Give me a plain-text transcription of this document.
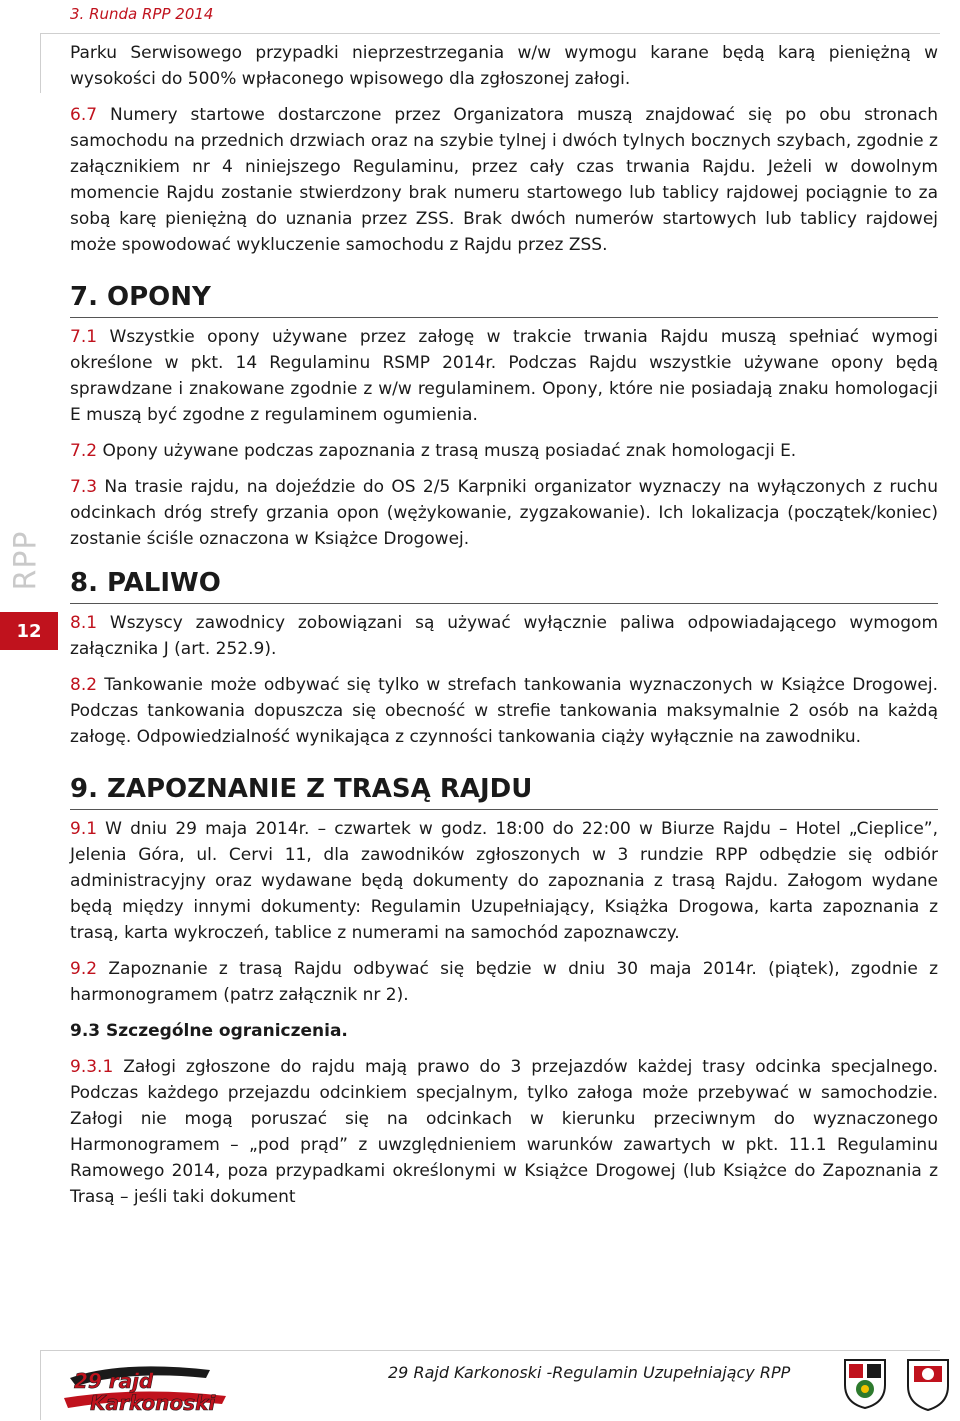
3. Runda RPP 2014
RPP
12

Parku Serwisowego przypadki nieprzestrzegania w/w wymogu karane będą karą pieniężną w wysokości do 500% wpłaconego wpisowego dla zgłoszonej załogi.

6.7 Numery startowe dostarczone przez Organizatora muszą znajdować się po obu stronach samochodu na przednich drzwiach oraz na szybie tylnej i dwóch tylnych bocznych szybach, zgodnie z załącznikiem nr 4 niniejszego Regulaminu, przez cały czas trwania Rajdu. Jeżeli w dowolnym momencie Rajdu zostanie stwierdzony brak numeru startowego lub tablicy rajdowej pociągnie to za sobą karę pieniężną do uznania przez ZSS. Brak dwóch numerów startowych lub tablicy rajdowej może spowodować wykluczenie samochodu z Rajdu przez ZSS.

7. OPONY

7.1 Wszystkie opony używane przez załogę w trakcie trwania Rajdu muszą spełniać wymogi określone w pkt. 14 Regulaminu RSMP 2014r. Podczas Rajdu wszystkie używane opony będą sprawdzane i znakowane zgodnie z w/w regulaminem. Opony, które nie posiadają znaku homologacji E muszą być zgodne z regulaminem ogumienia.

7.2 Opony używane podczas zapoznania z trasą muszą posiadać znak homologacji E.

7.3 Na trasie rajdu, na dojeździe do OS 2/5 Karpniki organizator wyznaczy na wyłączonych z ruchu odcinkach dróg strefy grzania opon (wężykowanie, zygzakowanie). Ich lokalizacja (początek/koniec) zostanie ściśle oznaczona w Książce Drogowej.

8. PALIWO

8.1 Wszyscy zawodnicy zobowiązani są używać wyłącznie paliwa odpowiadającego wymogom załącznika J (art. 252.9).

8.2 Tankowanie może odbywać się tylko w strefach tankowania wyznaczonych w Książce Drogowej. Podczas tankowania dopuszcza się obecność w strefie tankowania maksymalnie 2 osób na każdą załogę. Odpowiedzialność wynikająca z czynności tankowania ciąży wyłącznie na zawodniku.

9. ZAPOZNANIE Z TRASĄ RAJDU

9.1 W dniu 29 maja 2014r. – czwartek w godz. 18:00 do 22:00 w Biurze Rajdu – Hotel „Cieplice”, Jelenia Góra, ul. Cervi 11, dla zawodników zgłoszonych w 3 rundzie RPP odbędzie się odbiór administracyjny oraz wydawane będą dokumenty do zapoznania z trasą Rajdu. Załogom wydane będą między innymi dokumenty: Regulamin Uzupełniający, Książka Drogowa, karta zapoznania z trasą, karta wykroczeń, tablice z numerami na samochód zapoznawczy.

9.2 Zapoznanie z trasą Rajdu odbywać się będzie w dniu 30 maja 2014r. (piątek), zgodnie z harmonogramem (patrz załącznik nr 2).

9.3 Szczególne ograniczenia.

9.3.1 Załogi zgłoszone do rajdu mają prawo do 3 przejazdów każdej trasy odcinka specjalnego. Podczas każdego przejazdu odcinkiem specjalnym, tylko załoga może przebywać w samochodzie. Załogi nie mogą poruszać się na odcinkach w kierunku przeciwnym do wyznaczonego Harmonogramem – „pod prąd” z uwzględnieniem warunków zawartych w pkt. 11.1 Regulaminu Ramowego 2014, poza przypadkami określonymi w Książce Drogowej (lub Książce do Zapoznania z Trasą – jeśli taki dokument

29 rajd
Karkonoski
29 Rajd Karkonoski -Regulamin Uzupełniający RPP
